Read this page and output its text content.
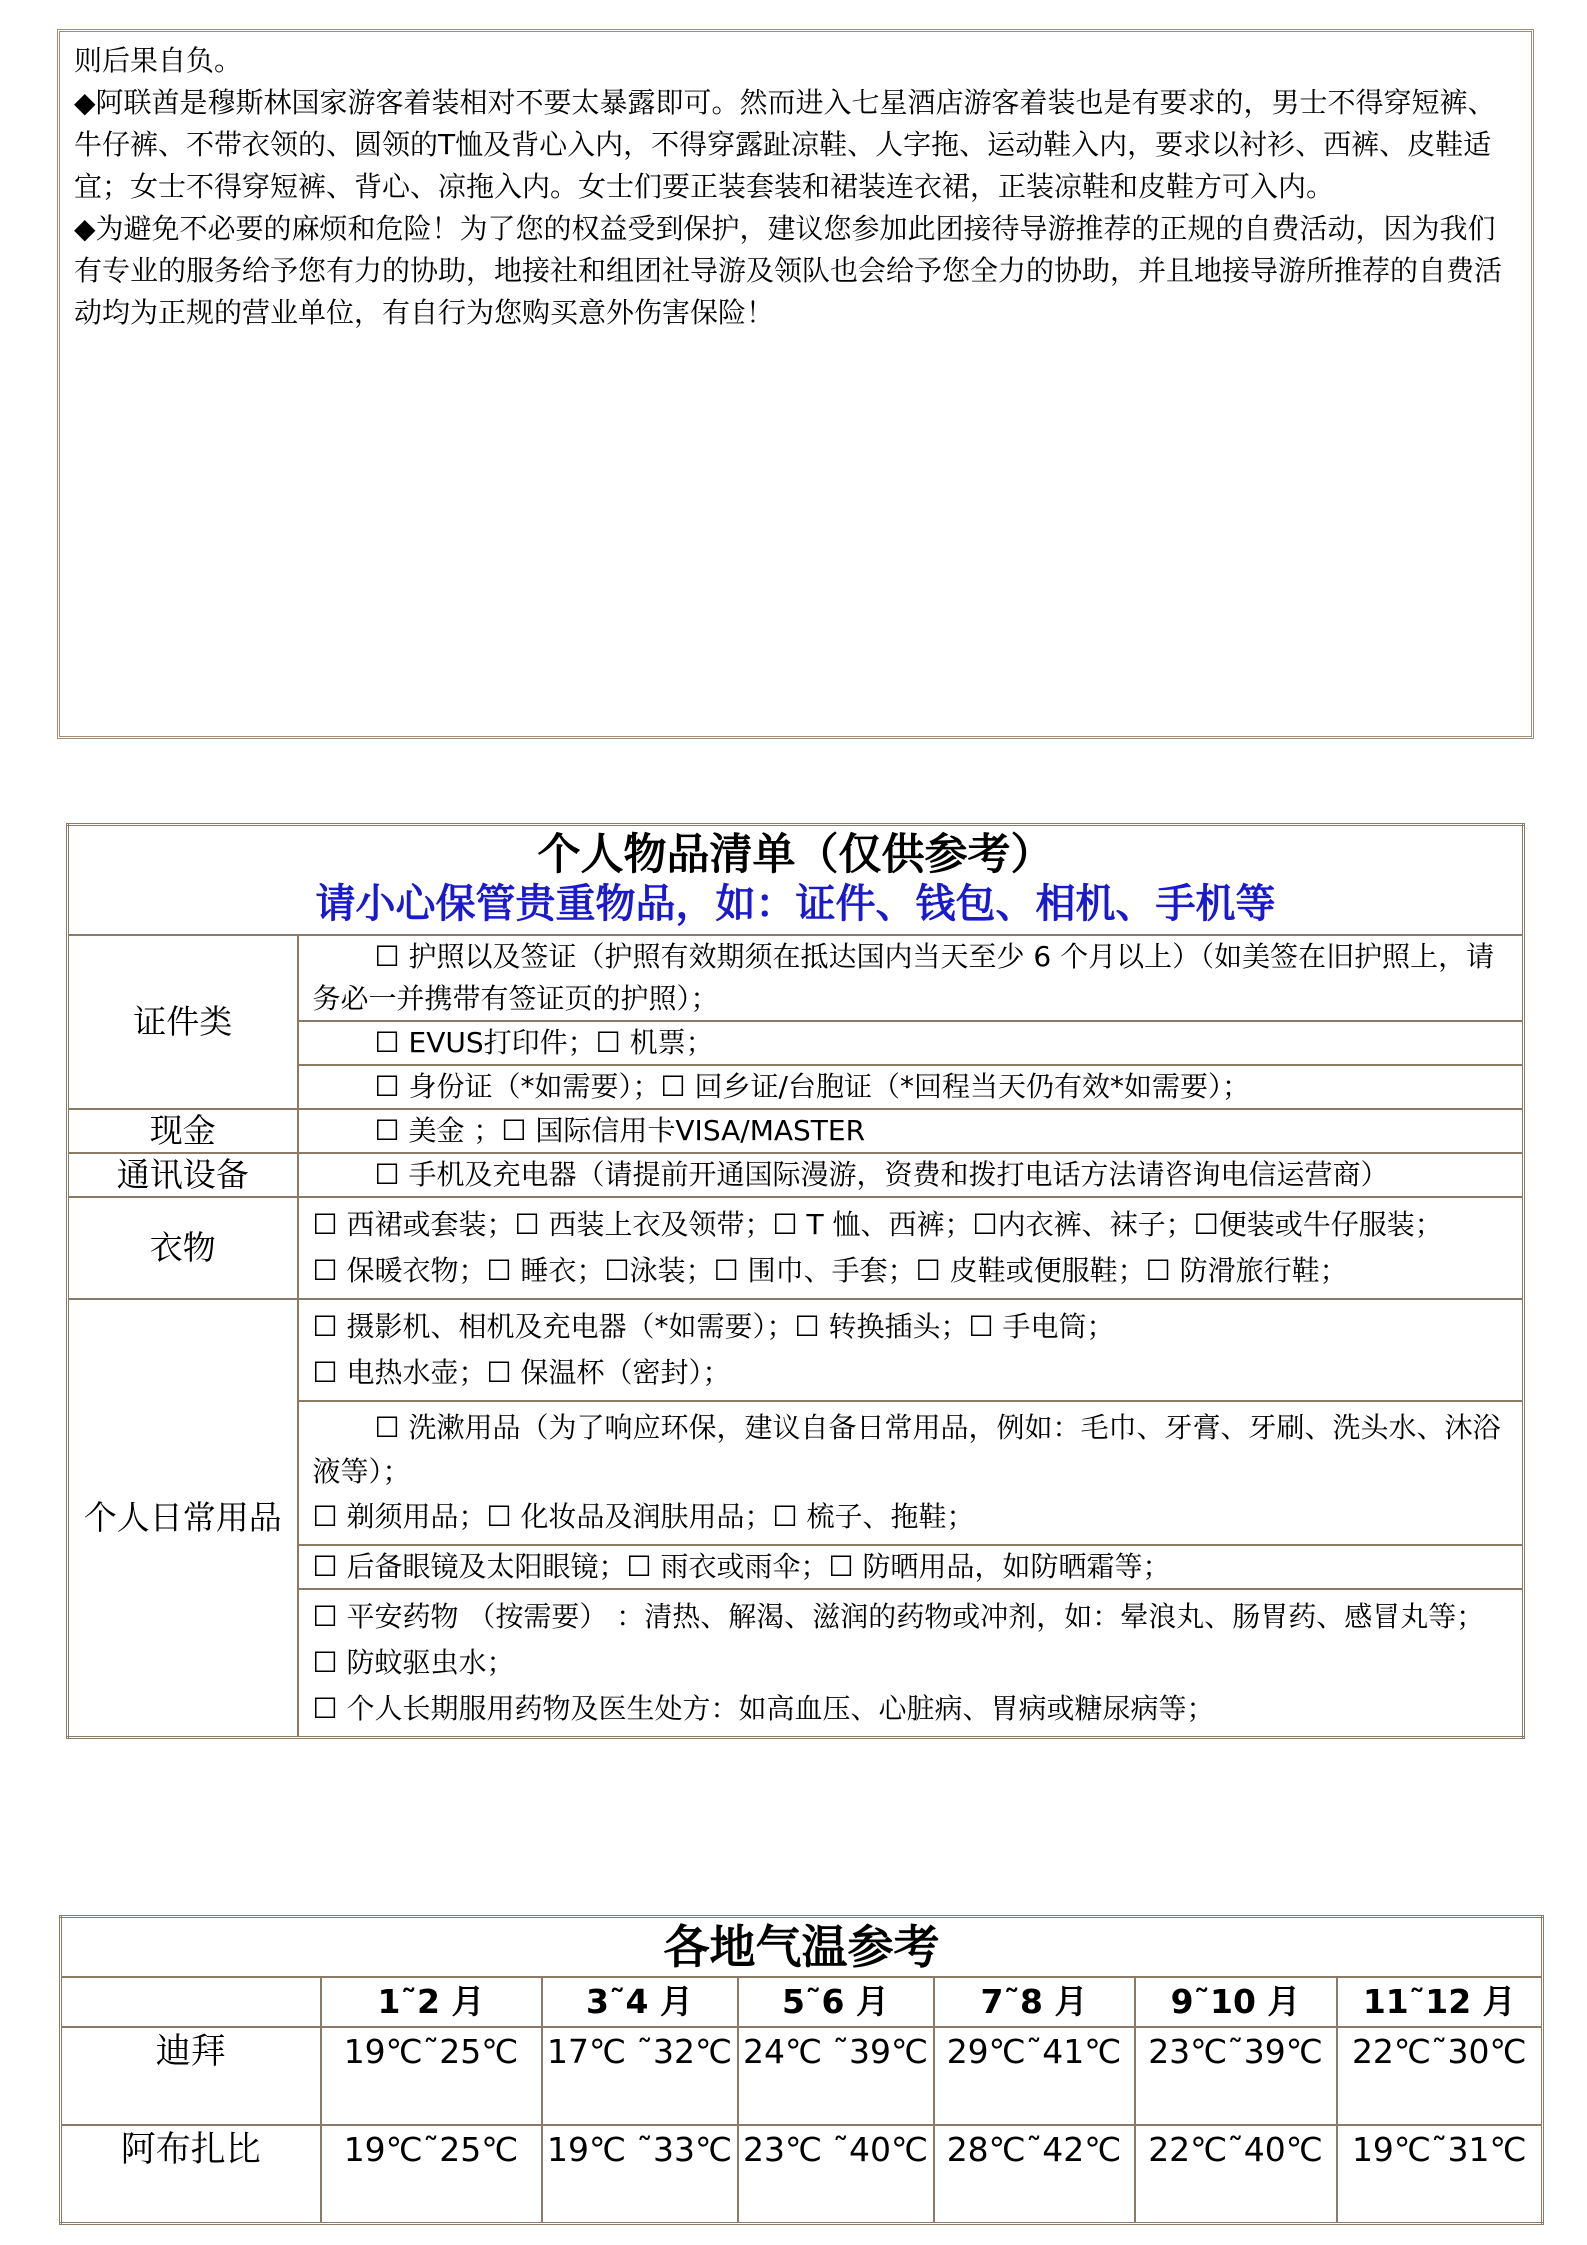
则后果自负。

◆阿联酋是穆斯林国家游客着装相对不要太暴露即可。然而进入七星酒店游客着装也是有要求的，男士不得穿短裤、牛仔裤、不带衣领的、圆领的T恤及背心入内，不得穿露趾凉鞋、人字拖、运动鞋入内，要求以衬衫、西裤、皮鞋适宜；女士不得穿短裤、背心、凉拖入内。女士们要正装套装和裙装连衣裙，正装凉鞋和皮鞋方可入内。

◆为避免不必要的麻烦和危险！为了您的权益受到保护，建议您参加此团接待导游推荐的正规的自费活动，因为我们有专业的服务给予您有力的协助，地接社和组团社导游及领队也会给予您全力的协助，并且地接导游所推荐的自费活动均为正规的营业单位，有自行为您购买意外伤害保险！

个人物品清单（仅供参考）
请小心保管贵重物品，如：证件、钱包、相机、手机等	

证件类	☐ 护照以及签证（护照有效期须在抵达国内当天至少 6 个月以上）（如美签在旧护照上，请务必一并携带有签证页的护照）；
	☐ EVUS打印件；☐ 机票；
	☐ 身份证（*如需要）；☐ 回乡证/台胞证（*回程当天仍有效*如需要）；
现金	☐ 美金 ；☐ 国际信用卡VISA/MASTER
通讯设备	☐ 手机及充电器（请提前开通国际漫游，资费和拨打电话方法请咨询电信运营商）
衣物	☐ 西裙或套装；☐ 西装上衣及领带；☐ T 恤、西裤；☐内衣裤、袜子；☐便装或牛仔服装；
☐ 保暖衣物；☐ 睡衣；☐泳装；☐ 围巾、手套；☐ 皮鞋或便服鞋；☐ 防滑旅行鞋；

个人日常用品	☐ 摄影机、相机及充电器（*如需要）；☐ 转换插头；☐ 手电筒；
☐ 电热水壶；☐ 保温杯（密封）；

	☐ 洗漱用品（为了响应环保，建议自备日常用品，例如：毛巾、牙膏、牙刷、洗头水、沐浴液等）；
☐ 剃须用品；☐ 化妆品及润肤用品；☐ 梳子、拖鞋；

	☐ 后备眼镜及太阳眼镜；☐ 雨衣或雨伞；☐ 防晒用品，如防晒霜等；

	☐ 平安药物 （按需要） ：清热、解渴、滋润的药物或冲剂，如：晕浪丸、肠胃药、感冒丸等；
☐ 防蚊驱虫水；
☐ 个人长期服用药物及医生处方：如高血压、心脏病、胃病或糖尿病等；
各地气温参考						
	1˜2 月	3˜4 月	5˜6 月	7˜8 月	9˜10 月	11˜12 月
迪拜	19℃˜25℃	17℃ ˜32℃	24℃ ˜39℃	29℃˜41℃	23℃˜39℃	22℃˜30℃
阿布扎比	19℃˜25℃	19℃ ˜33℃	23℃ ˜40℃	28℃˜42℃	22℃˜40℃	19℃˜31℃
